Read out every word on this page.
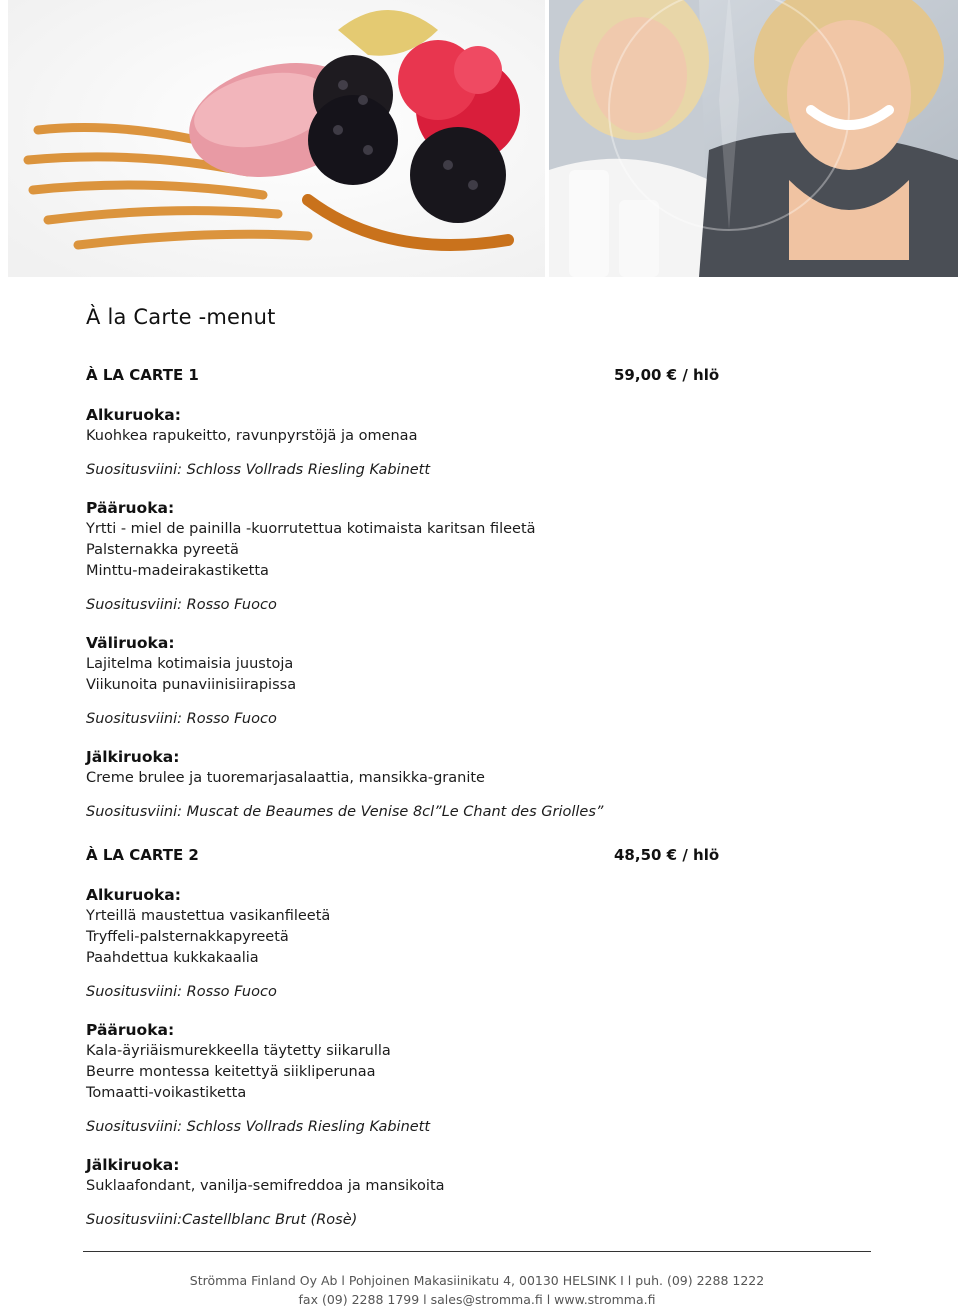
À la Carte -menut
À LA CARTE 1	59,00 € / hlö
Alkuruoka:
Kuohkea rapukeitto, ravunpyrstöjä ja omenaa
Suositusviini: Schloss Vollrads Riesling Kabinett
Pääruoka:
Yrtti - miel de painilla -kuorrutettua kotimaista karitsan fileetä
Palsternakka pyreetä
Minttu-madeirakastiketta
Suositusviini: Rosso Fuoco
Väliruoka:
Lajitelma kotimaisia juustoja
Viikunoita punaviinisiirapissa
Suositusviini: Rosso Fuoco
Jälkiruoka:
Creme brulee ja tuoremarjasalaattia, mansikka-granite
Suositusviini: Muscat de Beaumes de Venise 8cl”Le Chant des Griolles”
À LA CARTE 2	48,50 € / hlö
Alkuruoka:
Yrteillä maustettua vasikanfileetä
Tryffeli-palsternakkapyreetä
Paahdettua kukkakaalia
Suositusviini: Rosso Fuoco
Pääruoka:
Kala-äyriäismurekkeella täytetty siikarulla
Beurre montessa keitettyä siikliperunaa
Tomaatti-voikastiketta
Suositusviini: Schloss Vollrads Riesling Kabinett
Jälkiruoka:
Suklaafondant, vanilja-semifreddoa ja mansikoita
Suositusviini:Castellblanc Brut (Rosè)
Strömma Finland Oy Ab l Pohjoinen Makasiinikatu 4, 00130 HELSINK I l puh. (09) 2288 1222
fax (09) 2288 1799 l sales@stromma.fi l www.stromma.fi
